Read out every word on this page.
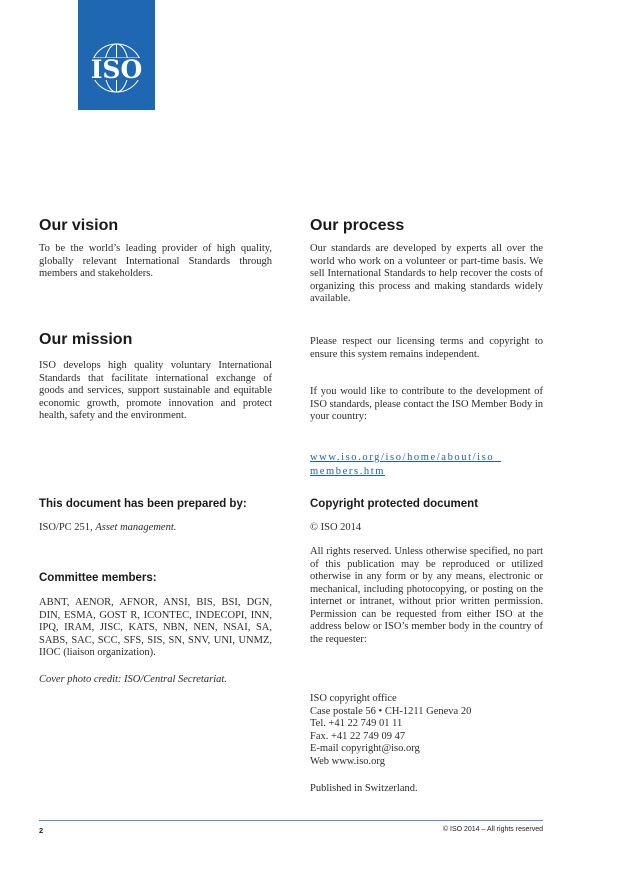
ISO
Our vision

To be the world’s leading provider of high quality, globally relevant International Standards through members and stakeholders.

Our mission

ISO develops high quality voluntary International Standards that facilitate international exchange of goods and services, support sustainable and equitable economic growth, promote innovation and protect health, safety and the environment.

This document has been prepared by:

ISO/PC 251, Asset management.

Committee members:

ABNT, AENOR, AFNOR, ANSI, BIS, BSI, DGN, DIN, ESMA, GOST R, ICONTEC, INDECOPI, INN, IPQ, IRAM, JISC, KATS, NBN, NEN, NSAI, SA, SABS, SAC, SCC, SFS, SIS, SN, SNV, UNI, UNMZ, IIOC (liaison organization).

Cover photo credit: ISO/Central Secretariat.

Our process

Our standards are developed by experts all over the world who work on a volunteer or part-time basis. We sell International Standards to help recover the costs of organizing this process and making standards widely available.

Please respect our licensing terms and copyright to ensure this system remains independent.

If you would like to contribute to the development of ISO standards, please contact the ISO Member Body in your country:

www.iso.org/iso/home/about/iso_
members.htm

Copyright protected document

© ISO 2014

All rights reserved. Unless otherwise specified, no part of this publication may be reproduced or utilized otherwise in any form or by any means, electronic or mechanical, including photocopying, or posting on the internet or intranet, without prior written permission. Permission can be requested from either ISO at the address below or ISO’s member body in the country of the requester:

ISO copyright office
Case postale 56 • CH-1211 Geneva 20
Tel. +41 22 749 01 11
Fax. +41 22 749 09 47
E-mail copyright@iso.org
Web www.iso.org

Published in Switzerland.

2	© ISO 2014 – All rights reserved
